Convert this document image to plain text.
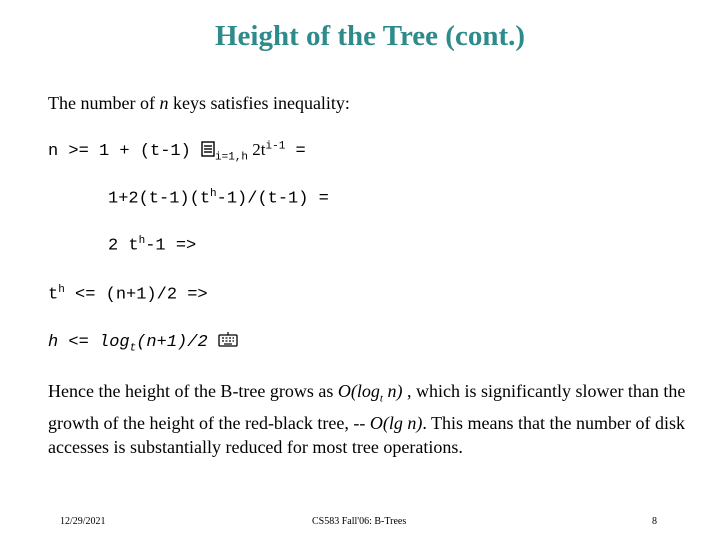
Height of the Tree (cont.)
The number of n keys satisfies inequality:
n >= 1 + (t-1) $_{i=1,h}$ $2t^{i-1}$ =
$1+2(t-1)(t^h-1)/(t-1)$ =
2 $t^h-1$ =>
$t^h <= (n+1)/2$ =>
$h <= \log_t(n+1)/2$
Hence the height of the B-tree grows as $O(\log_t$ n) , which is significantly slower than the growth of the height of the red-black tree, -- O(lg n). This means that the number of disk accesses is substantially reduced for most tree operations.
12/29/2021	CS583 Fall'06: B-Trees	8
